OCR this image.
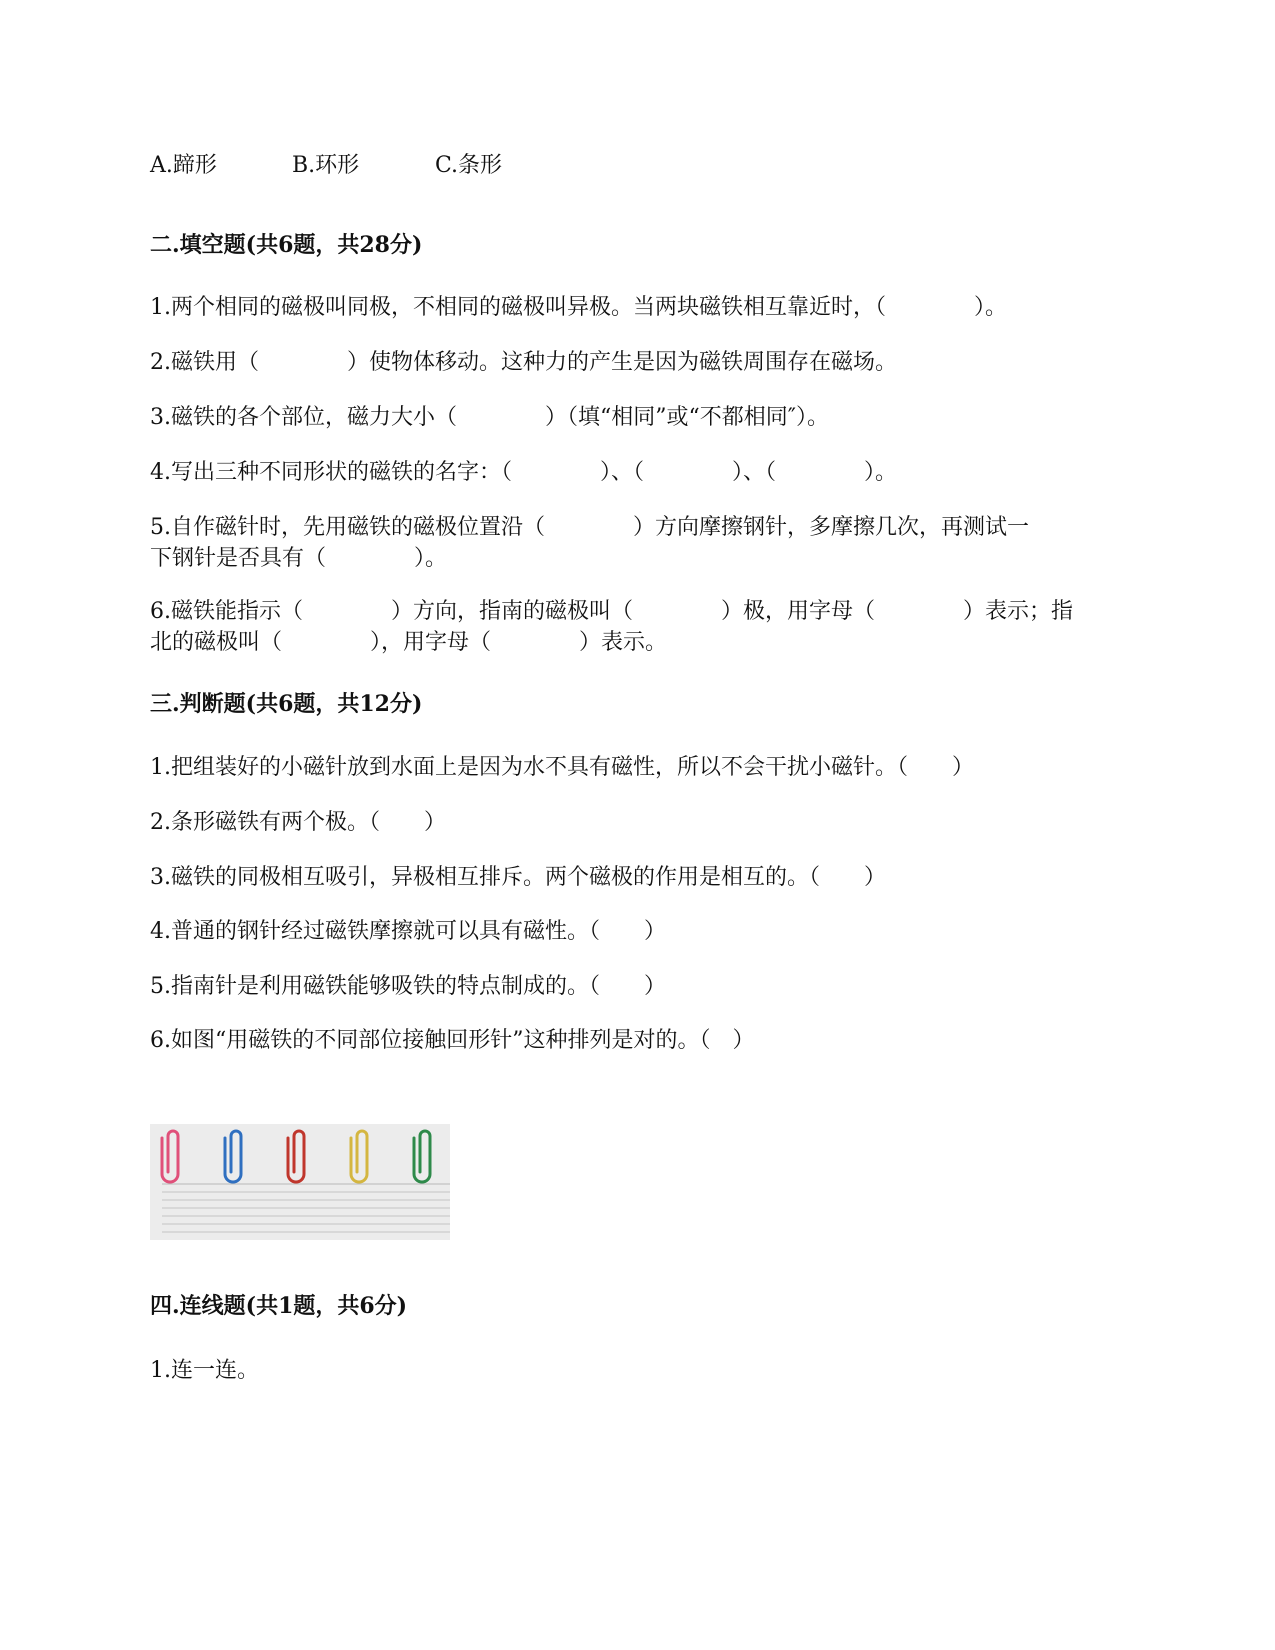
A.蹄形	B.环形	C.条形
二.填空题(共6题，共28分)
1.两个相同的磁极叫同极，不相同的磁极叫异极。当两块磁铁相互靠近时，（　　　　）。
2.磁铁用（　　　　）使物体移动。这种力的产生是因为磁铁周围存在磁场。
3.磁铁的各个部位，磁力大小（　　　　）（填“相同”或“不都相同″）。
4.写出三种不同形状的磁铁的名字：（　　　　）、（　　　　）、（　　　　）。
5.自作磁针时，先用磁铁的磁极位置沿（　　　　）方向摩擦钢针，多摩擦几次，再测试一
下钢针是否具有（　　　　）。
6.磁铁能指示（　　　　）方向，指南的磁极叫（　　　　）极，用字母（　　　　）表示；指
北的磁极叫（　　　　），用字母（　　　　）表示。
三.判断题(共6题，共12分)
1.把组装好的小磁针放到水面上是因为水不具有磁性，所以不会干扰小磁针。（　　）
2.条形磁铁有两个极。（　　）
3.磁铁的同极相互吸引，异极相互排斥。两个磁极的作用是相互的。（　　）
4.普通的钢针经过磁铁摩擦就可以具有磁性。（　　）
5.指南针是利用磁铁能够吸铁的特点制成的。（　　）
6.如图“用磁铁的不同部位接触回形针”这种排列是对的。（　）
四.连线题(共1题，共6分)
1.连一连。
